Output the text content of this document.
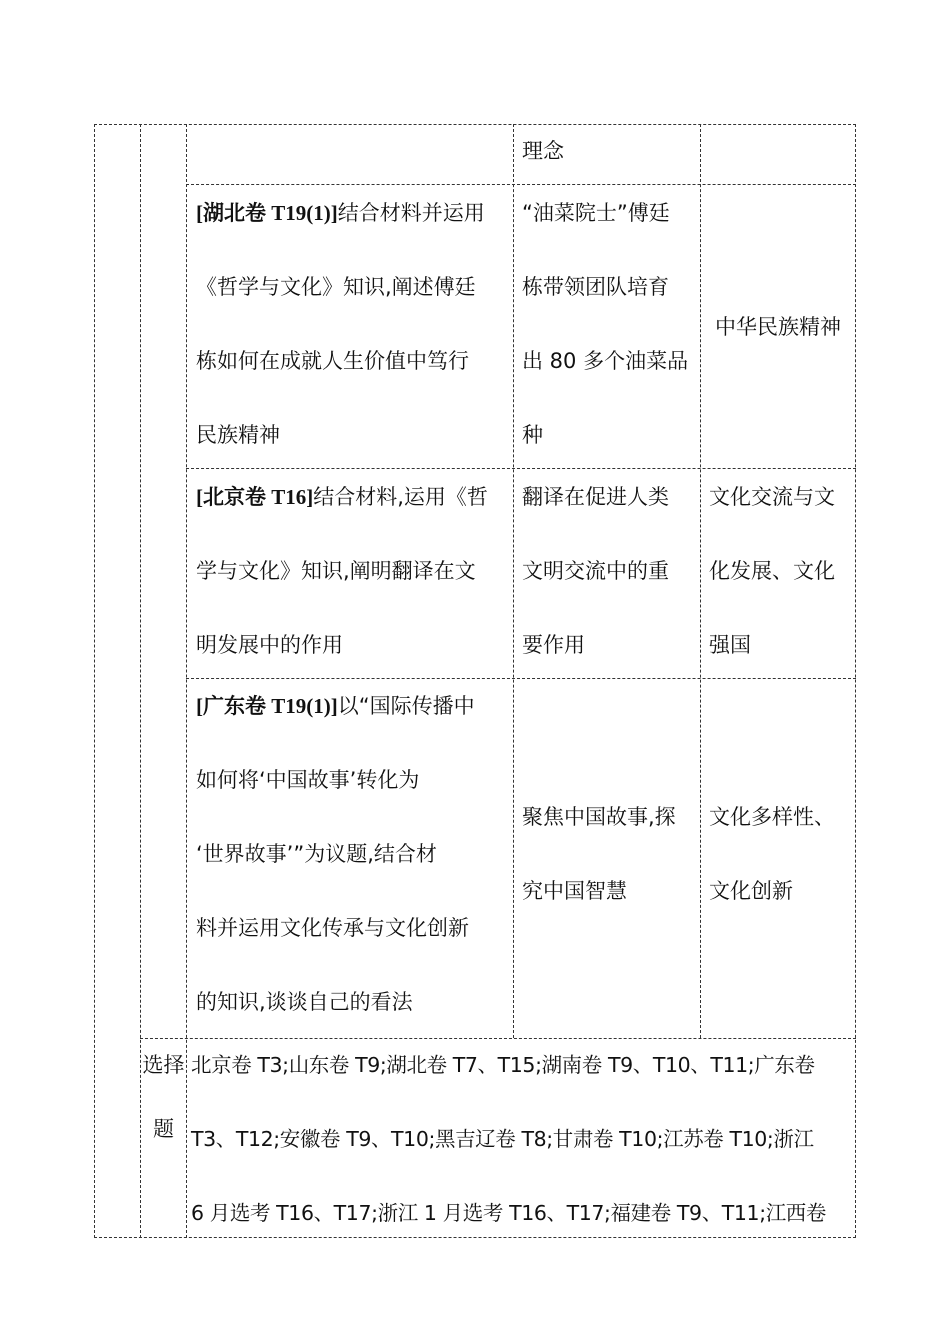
理念
[湖北卷 T19(1)]结合材料并运用
《哲学与文化》知识,阐述傅廷
栋如何在成就人生价值中笃行
民族精神
“油菜院士”傅廷
栋带领团队培育
出 80 多个油菜品
种
中华民族精神
[北京卷 T16]结合材料,运用《哲
学与文化》知识,阐明翻译在文
明发展中的作用
翻译在促进人类
文明交流中的重
要作用
文化交流与文
化发展、文化
强国
[广东卷 T19(1)]以“国际传播中
如何将‘中国故事’转化为
‘世界故事’”为议题,结合材
料并运用文化传承与文化创新
的知识,谈谈自己的看法
聚焦中国故事,探
究中国智慧
文化多样性、
文化创新
选择
题
北京卷 T3;山东卷 T9;湖北卷 T7、T15;湖南卷 T9、T10、T11;广东卷
T3、T12;安徽卷 T9、T10;黑吉辽卷 T8;甘肃卷 T10;江苏卷 T10;浙江
6 月选考 T16、T17;浙江 1 月选考 T16、T17;福建卷 T9、T11;江西卷
